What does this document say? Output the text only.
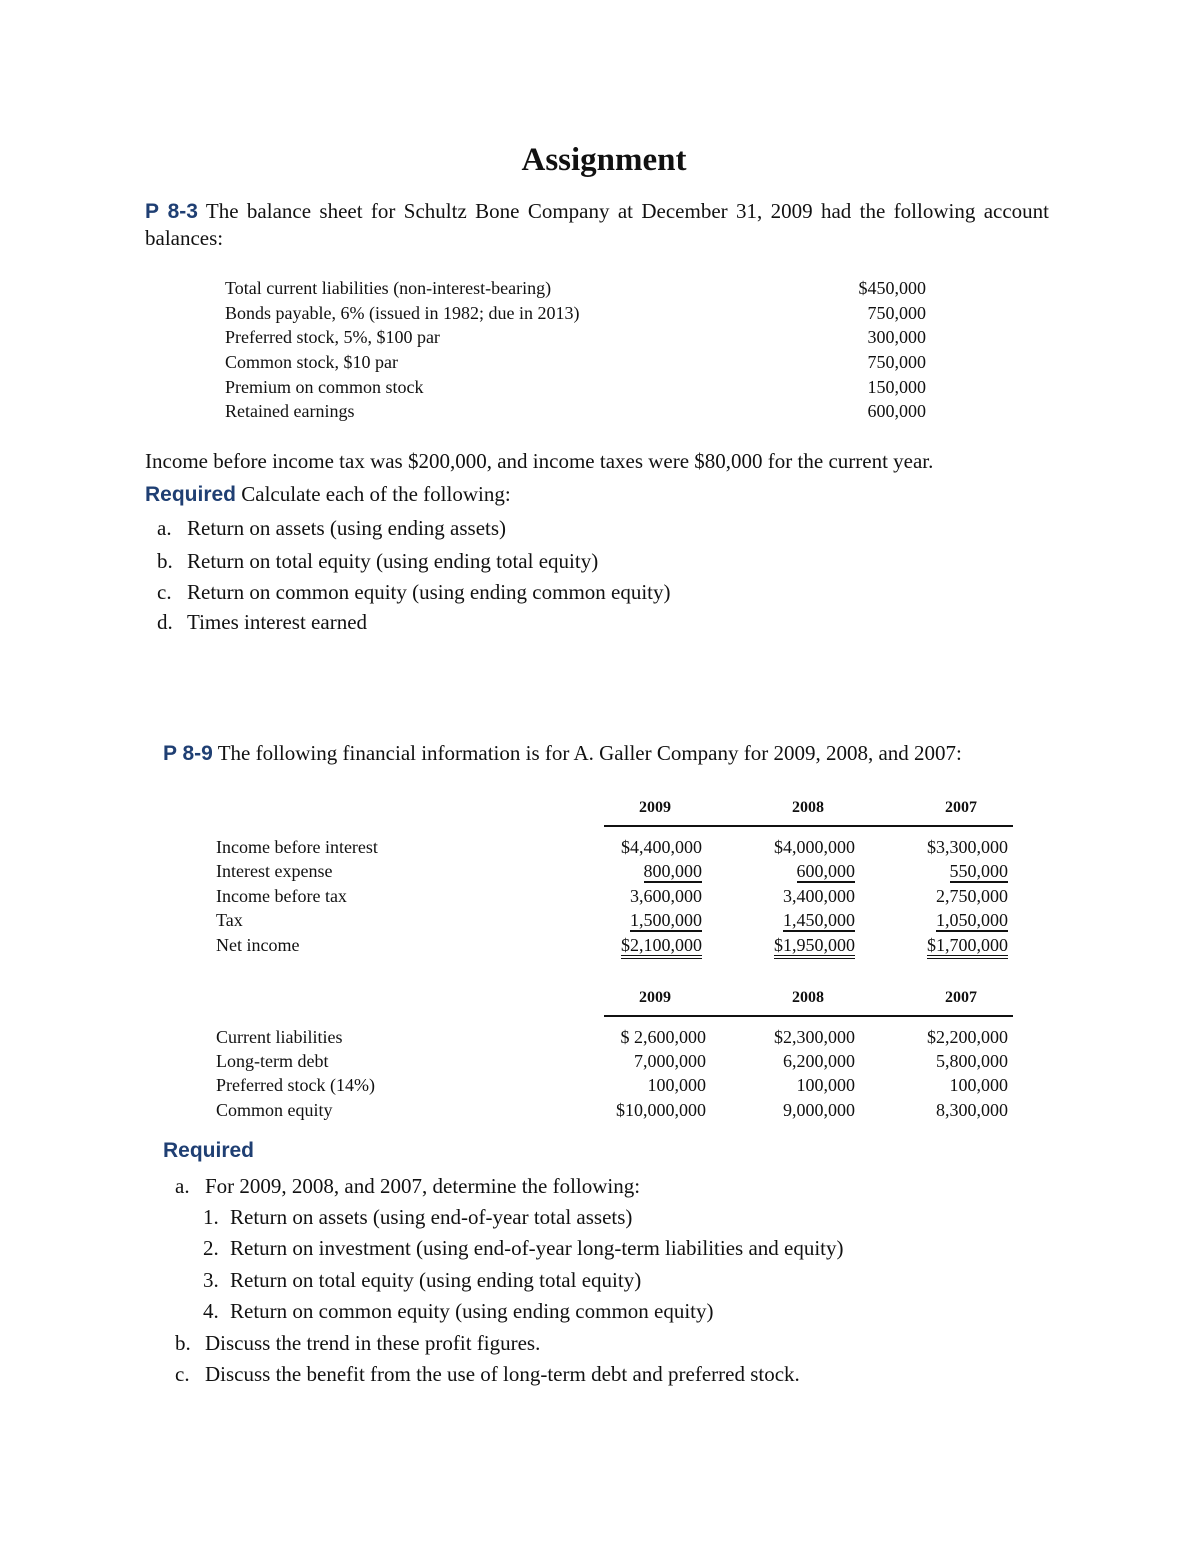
Assignment
P 8-3 The balance sheet for Schultz Bone Company at December 31, 2009 had the following account balances:
Total current liabilities (non-interest-bearing)	$450,000
Bonds payable, 6% (issued in 1982; due in 2013)	750,000
Preferred stock, 5%, $100 par	300,000
Common stock, $10 par	750,000
Premium on common stock	150,000
Retained earnings	600,000
Income before income tax was $200,000, and income taxes were $80,000 for the current year.
Required Calculate each of the following:
a. Return on assets (using ending assets)
b. Return on total equity (using ending total equity)
c. Return on common equity (using ending common equity)
d. Times interest earned
P 8-9 The following financial information is for A. Galler Company for 2009, 2008, and 2007:
2009	2008	2007
Income before interest	$4,400,000	$4,000,000	$3,300,000
Interest expense	800,000	600,000	550,000
Income before tax	3,600,000	3,400,000	2,750,000
Tax	1,500,000	1,450,000	1,050,000
Net income	$2,100,000	$1,950,000	$1,700,000
2009	2008	2007
Current liabilities	$ 2,600,000	$2,300,000	$2,200,000
Long-term debt	7,000,000	6,200,000	5,800,000
Preferred stock (14%)	100,000	100,000	100,000
Common equity	$10,000,000	9,000,000	8,300,000
Required
a. For 2009, 2008, and 2007, determine the following:
1. Return on assets (using end-of-year total assets)
2. Return on investment (using end-of-year long-term liabilities and equity)
3. Return on total equity (using ending total equity)
4. Return on common equity (using ending common equity)
b. Discuss the trend in these profit figures.
c. Discuss the benefit from the use of long-term debt and preferred stock.
